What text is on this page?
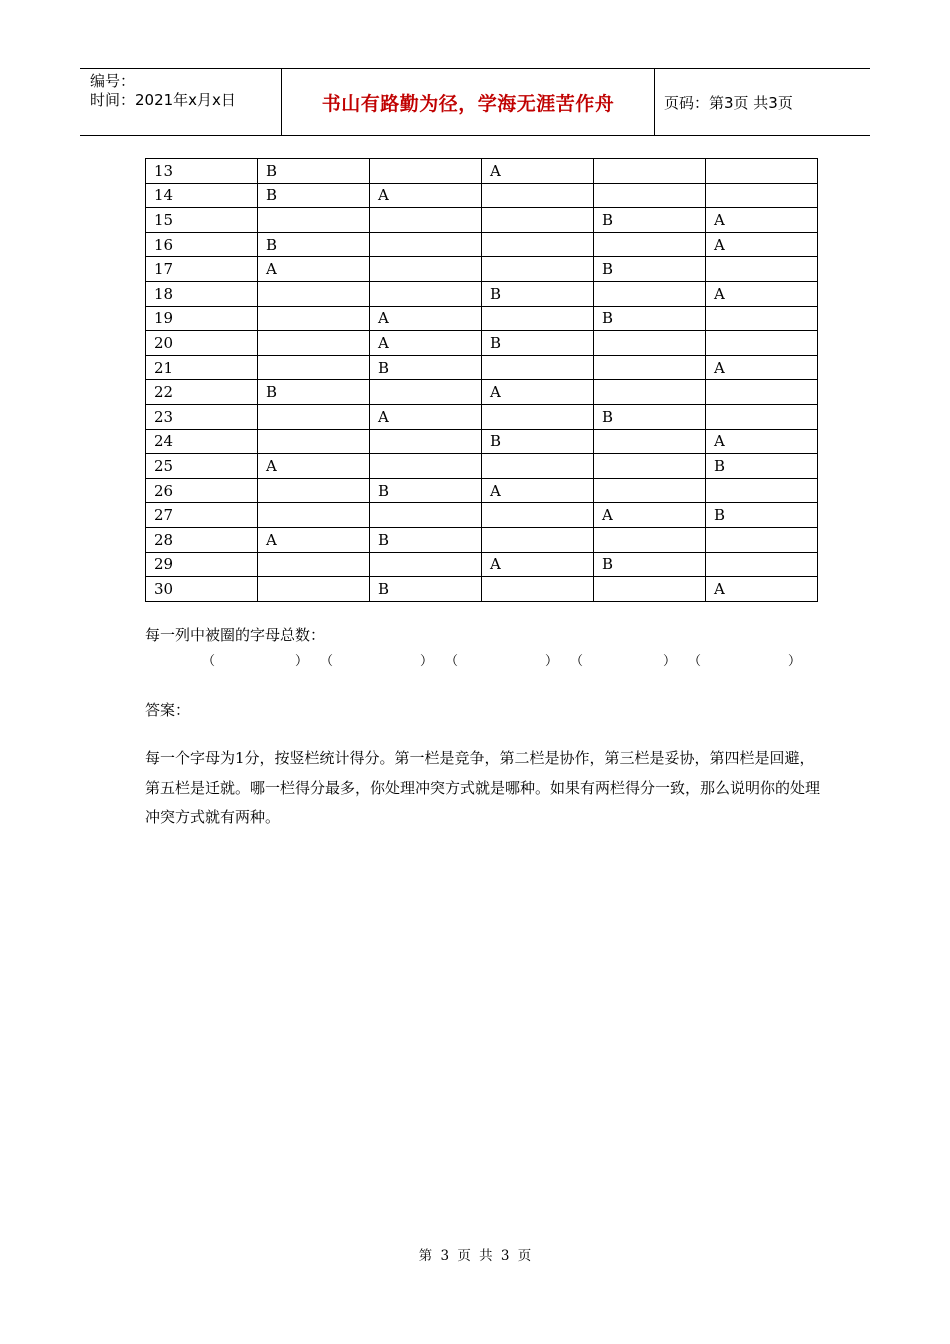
编号：
时间：2021年x月x日	书山有路勤为径，学海无涯苦作舟	页码：第3页 共3页
13	B		A		
14	B	A			
15				B	A
16	B				A
17	A			B	
18			B		A
19		A		B	
20		A	B		
21		B			A
22	B		A		
23		A		B	
24			B		A
25	A				B
26		B	A		
27				A	B
28	A	B			
29			A	B	
30		B			A
每一列中被圈的字母总数：
（	） （	） （	） （	） （	）
答案：
每一个字母为1分，按竖栏统计得分。第一栏是竞争，第二栏是协作，第三栏是妥协，第四栏是回避，第五栏是迁就。哪一栏得分最多，你处理冲突方式就是哪种。如果有两栏得分一致，那么说明你的处理冲突方式就有两种。
第 3 页 共 3 页
